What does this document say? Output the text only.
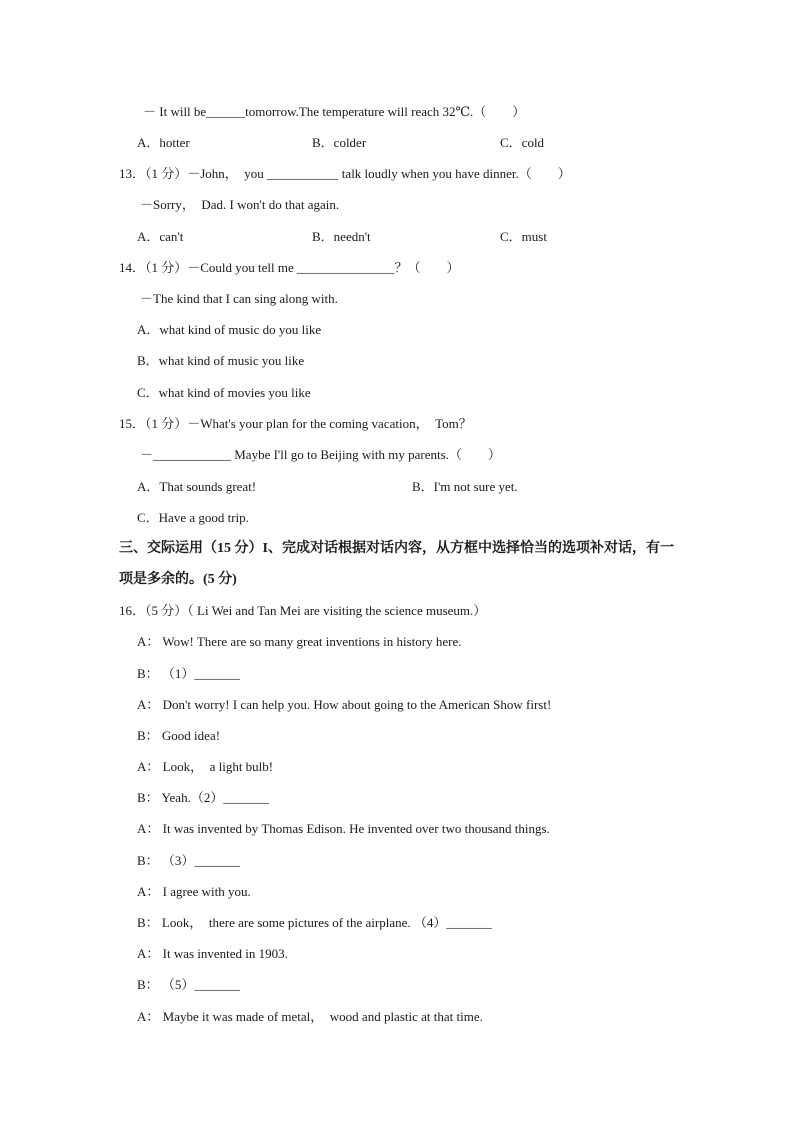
－ It will be______tomorrow.The temperature will reach 32℃.（　　）
A．hotter	B．colder	C．cold
13．（1 分）－John，　you ___________ talk loudly when you have dinner.（　　）
－Sorry，　Dad. I won't do that again.
A．can't	B．needn't	C．must
14．（1 分）－Could you tell me _______________？（　　）
－The kind that I can sing along with.
A．what kind of music do you like
B．what kind of music you like
C．what kind of movies you like
15．（1 分）－What's your plan for the coming vacation，　Tom？
－____________ Maybe I'll go to Beijing with my parents.（　　）
A．That sounds great!	B．I'm not sure yet.
C．Have a good trip.
三、交际运用（15 分）I、完成对话根据对话内容，从方框中选择恰当的选项补对话，有一
项是多余的。(5 分)
16．（5 分）（ Li Wei and Tan Mei are visiting the science museum.）
A： Wow! There are so many great inventions in history here.
B： （1）_______
A： Don't worry! I can help you. How about going to the American Show first!
B： Good idea!
A： Look，　a light bulb!
B： Yeah.（2）_______
A： It was invented by Thomas Edison. He invented over two thousand things.
B： （3）_______
A： I agree with you.
B： Look，　there are some pictures of the airplane. （4）_______
A： It was invented in 1903.
B： （5）_______
A： Maybe it was made of metal，　wood and plastic at that time.
